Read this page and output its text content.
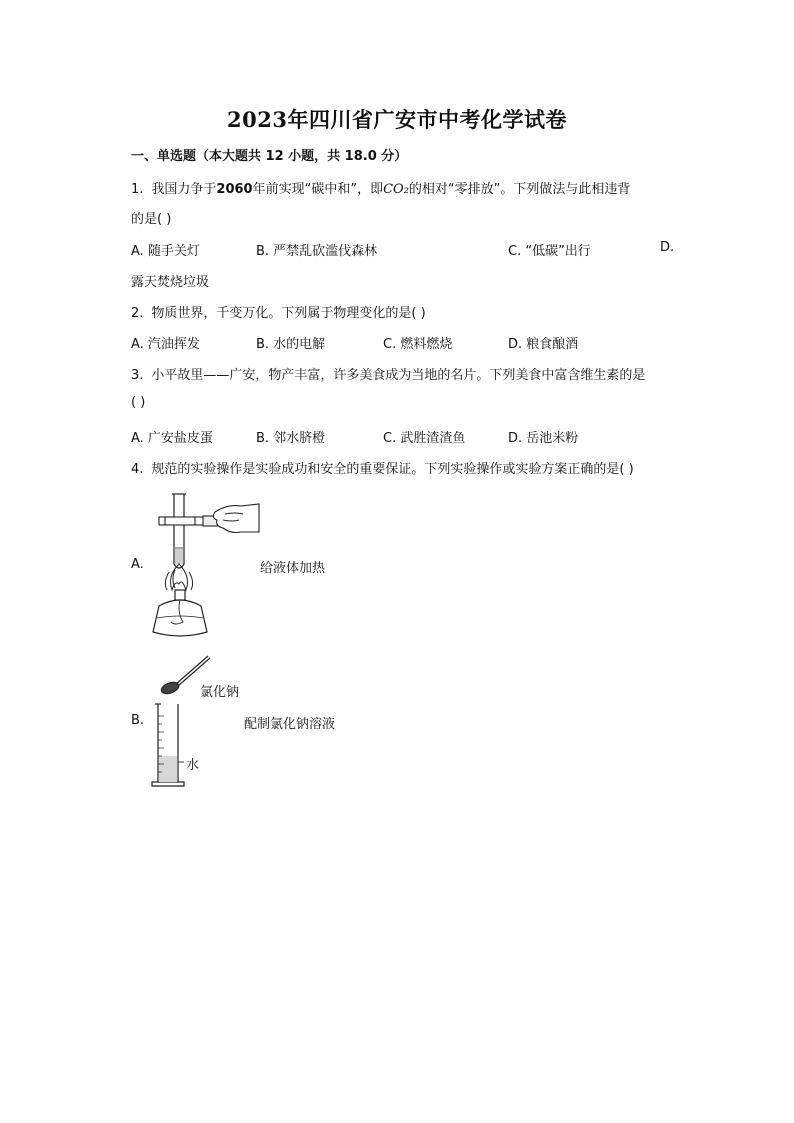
2023年四川省广安市中考化学试卷
一、单选题（本大题共 12 小题，共 18.0 分）
1. 我国力争于2060年前实现“碳中和”，即CO₂的相对“零排放”。下列做法与此相违背
的是( )
A. 随手关灯	B. 严禁乱砍滥伐森林	C. “低碳”出行	D.
露天焚烧垃圾
2. 物质世界，千变万化。下列属于物理变化的是( )
A. 汽油挥发	B. 水的电解	C. 燃料燃烧	D. 粮食酿酒
3. 小平故里——广安，物产丰富，许多美食成为当地的名片。下列美食中富含维生素的是
( )
A. 广安盐皮蛋	B. 邻水脐橙	C. 武胜渣渣鱼	D. 岳池米粉
4. 规范的实验操作是实验成功和安全的重要保证。下列实验操作或实验方案正确的是( )
A.	给液体加热
B.
氯化钠
水
配制氯化钠溶液
